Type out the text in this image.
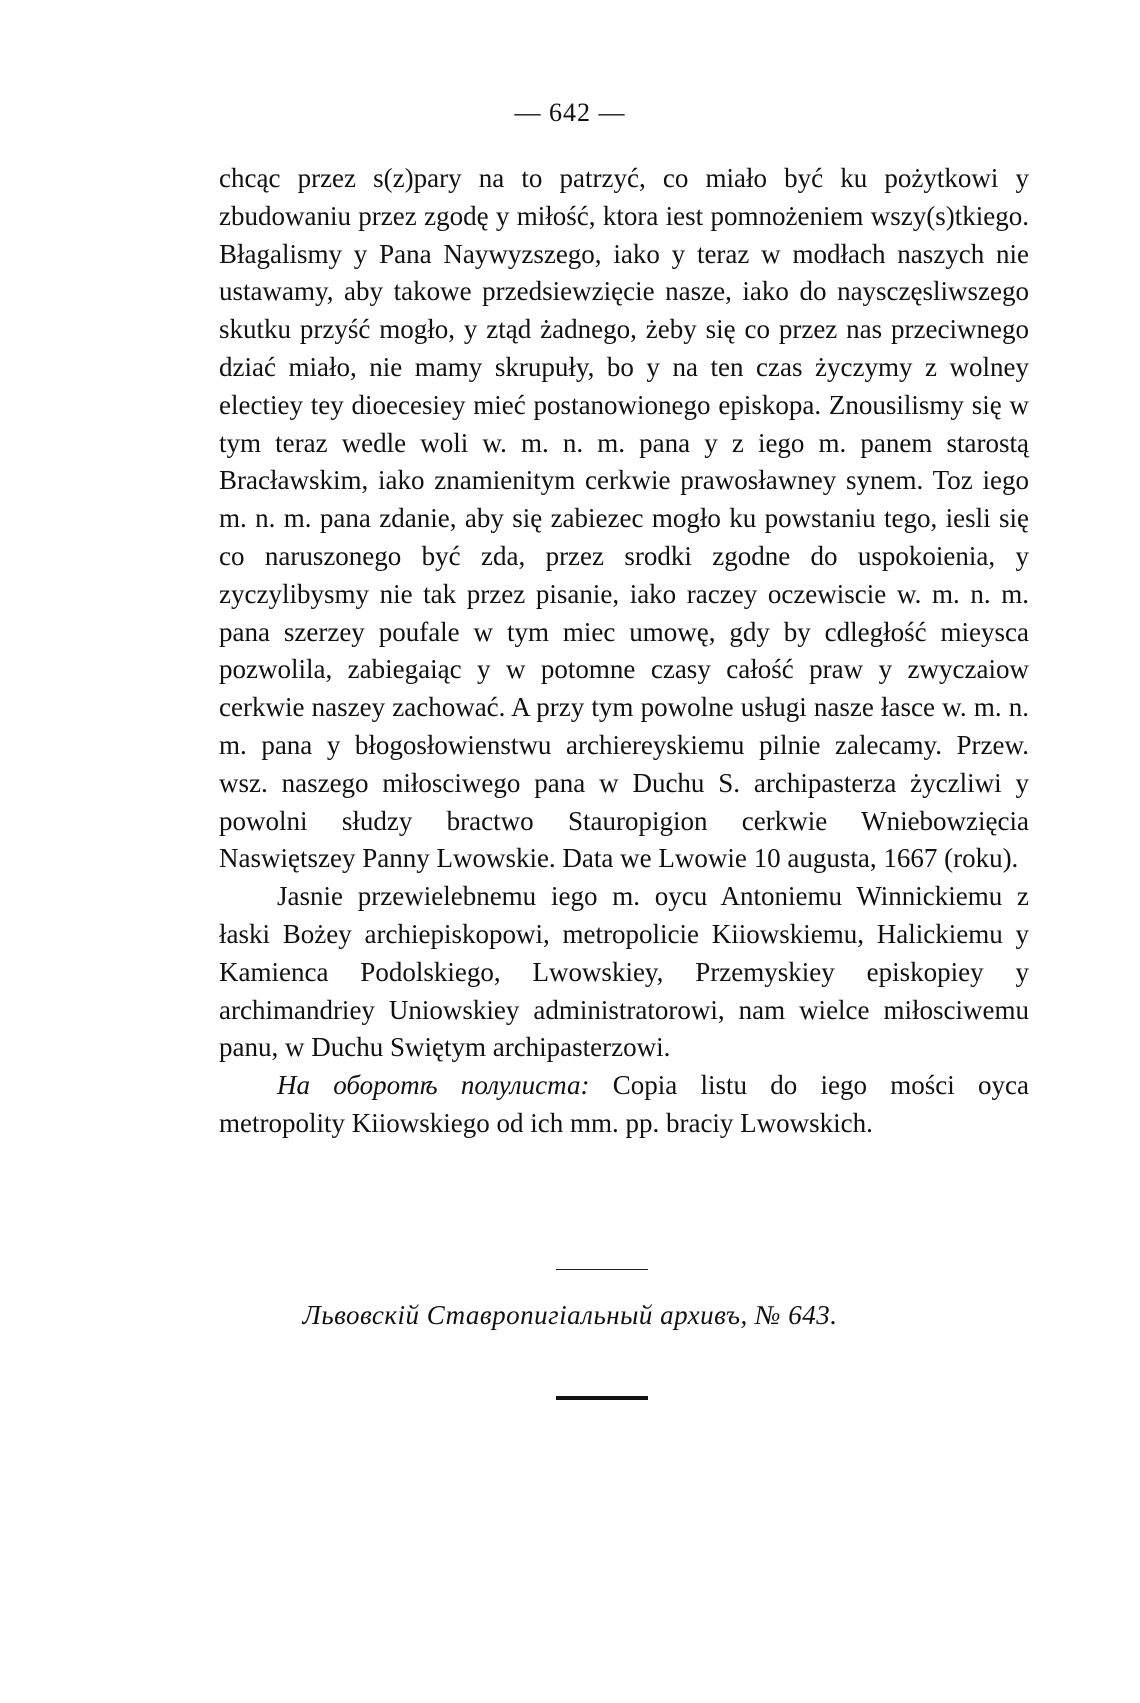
— 642 —

chcąc przez s(z)pary na to patrzyć, co miało być ku pożytkowi y zbudowaniu przez zgodę y miłość, ktora iest pomnożeniem wszy(s)tkiego. Błagalismy y Pana Naywyzszego, iako y teraz w modłach naszych nie ustawamy, aby takowe przedsiewzięcie nasze, iako do naysczęsliwszego skutku przyść mogło, y ztąd żadnego, żeby się co przez nas przeciwnego dziać miało, nie mamy skrupuły, bo y na ten czas życzymy z wolney electiey tey dioecesiey mieć postanowionego episkopa. Znousilismy się w tym teraz wedle woli w. m. n. m. pana y z iego m. panem starostą Bracławskim, iako znamienitym cerkwie prawosławney synem. Toz iego m. n. m. pana zdanie, aby się zabiezec mogło ku powstaniu tego, iesli się co naruszonego być zda, przez srodki zgodne do uspokoienia, y zyczylibysmy nie tak przez pisanie, iako raczey oczewiscie w. m. n. m. pana szerzey poufale w tym miec umowę, gdy by cdległość mieysca pozwolila, zabiegaiąc y w potomne czasy całość praw y zwyczaiow cerkwie naszey zachować. A przy tym powolne usługi nasze łasce w. m. n. m. pana y błogosłowienstwu archiereyskiemu pilnie zalecamy. Przew. wsz. naszego miłosciwego pana w Duchu S. archipasterza życzliwi y powolni słudzy bractwo Stauropigion cerkwie Wniebowzięcia Naswiętszey Panny Lwowskie. Data we Lwowie 10 augusta, 1667 (roku).

Jasnie przewielebnemu iego m. oycu Antoniemu Winnickiemu z łaski Bożey archiepiskopowi, metropolicie Kiiowskiemu, Halickiemu y Kamienca Podolskiego, Lwowskiey, Przemyskiey episkopiey y archimandriey Uniowskiey administratorowi, nam wielce miłosciwemu panu, w Duchu Swiętym archipasterzowi.

На оборотѣ полулиста: Copia listu do iego mości oyca metropolity Kiiowskiego od ich mm. pp. braciy Lwowskich.

Львовскій Ставропигіальный архивъ, № 643.
